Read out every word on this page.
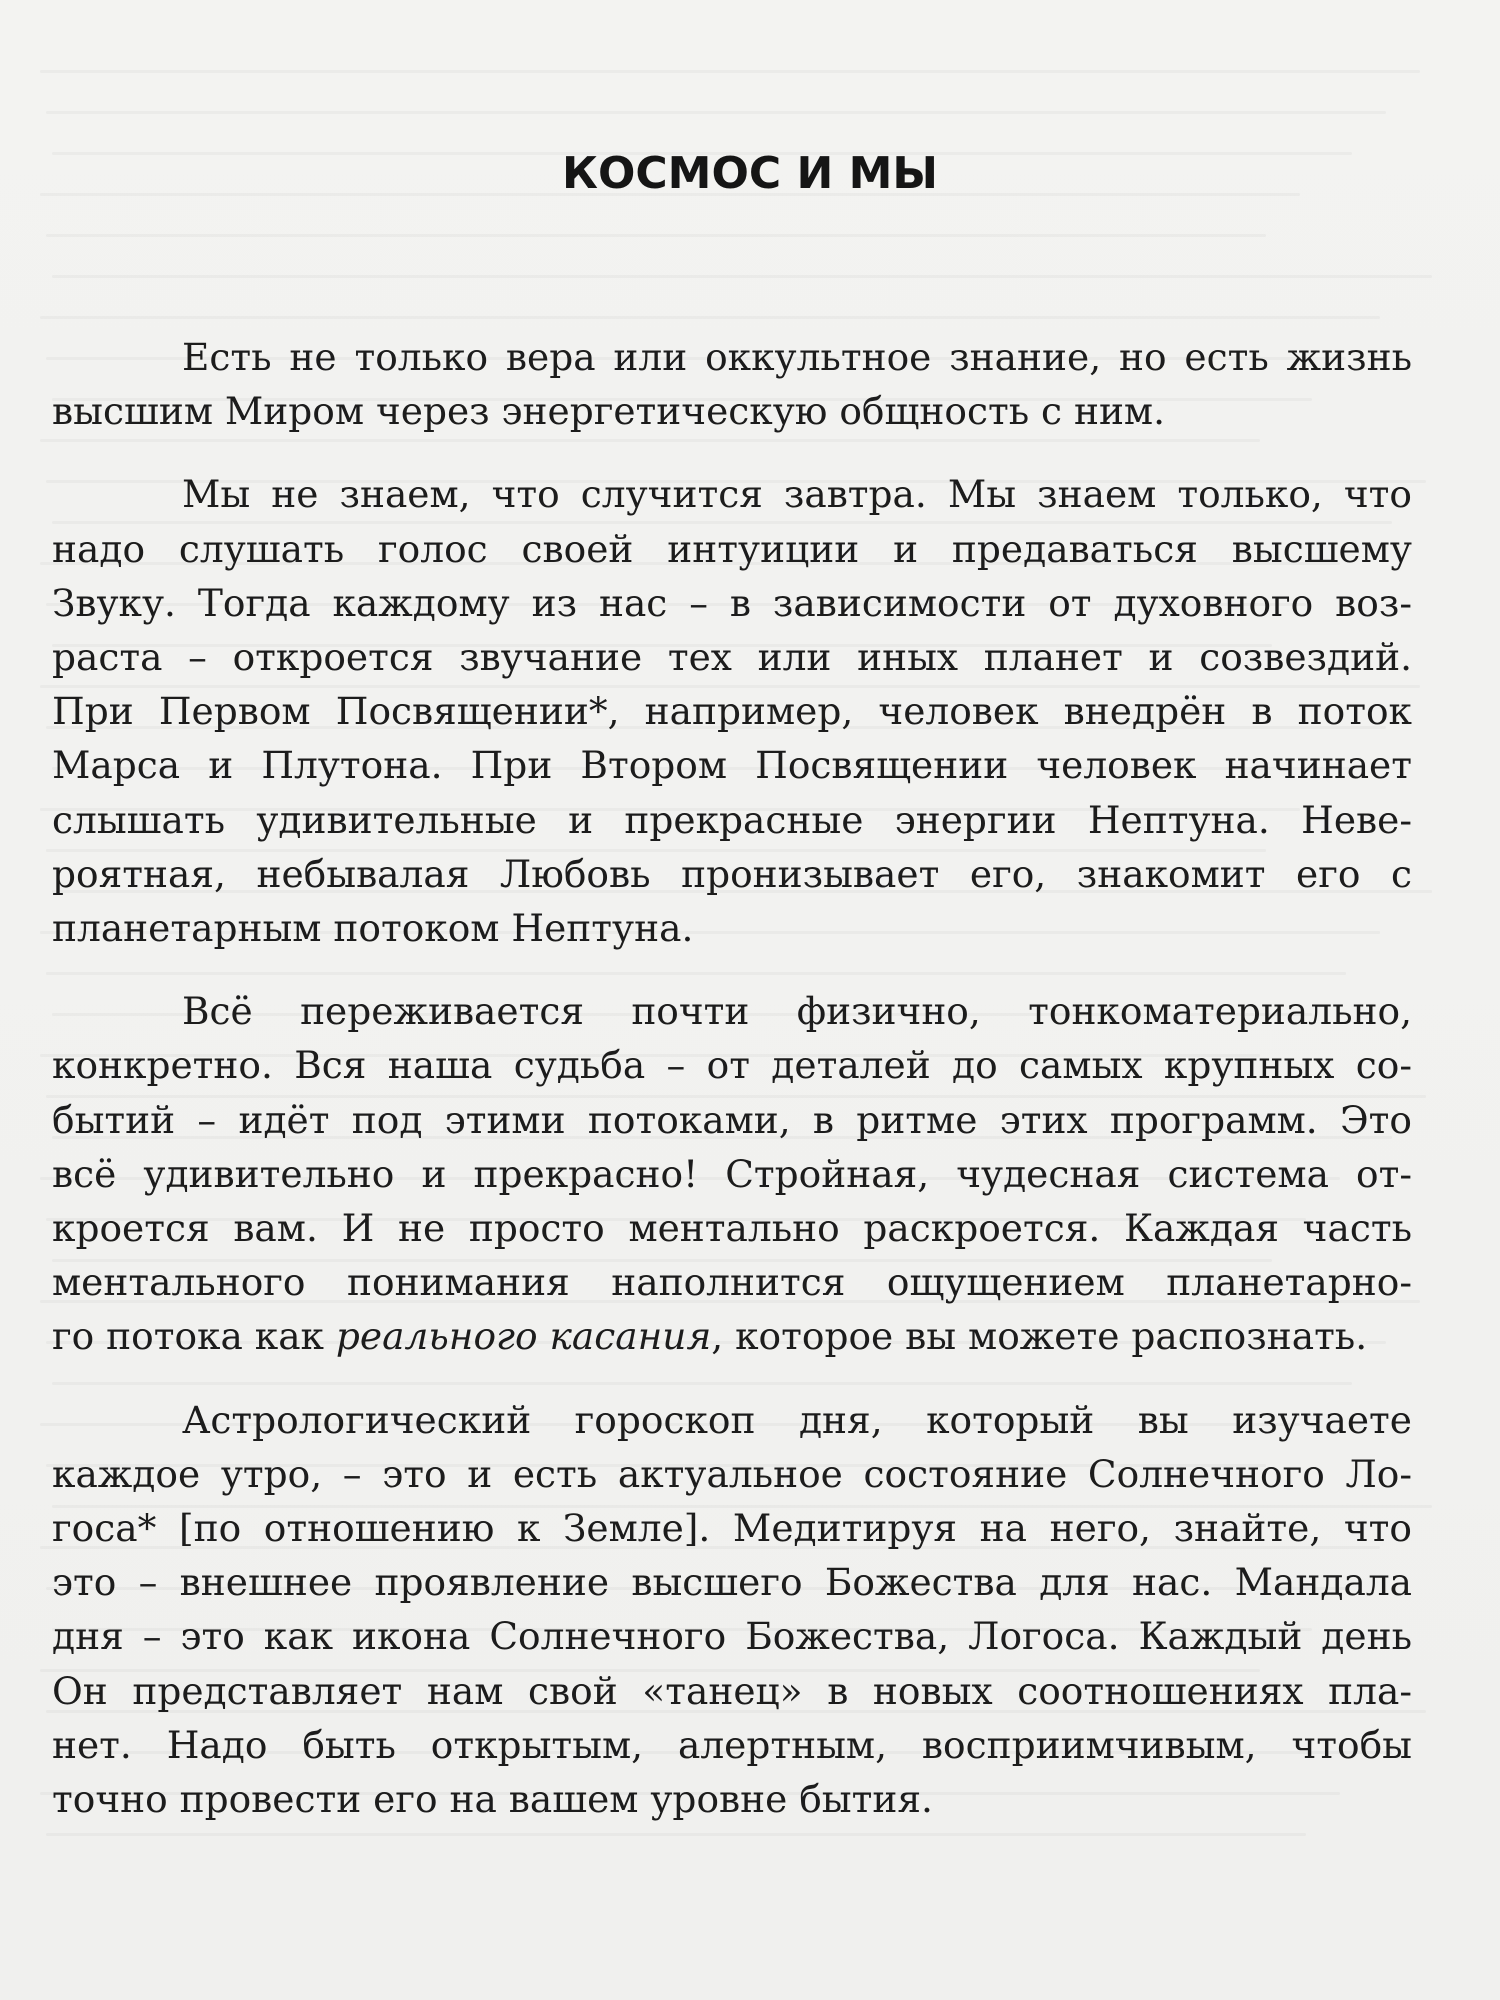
КОСМОС И МЫ
Есть не только вера или оккультное знание, но есть жизнь
высшим Миром через энергетическую общность с ним.
Мы не знаем, что случится завтра. Мы знаем только, что
надо слушать голос своей интуиции и предаваться высшему
Звуку. Тогда каждому из нас – в зависимости от духовного воз-
раста – откроется звучание тех или иных планет и созвездий.
При Первом Посвящении*, например, человек внедрён в поток
Марса и Плутона. При Втором Посвящении человек начинает
слышать удивительные и прекрасные энергии Нептуна. Неве-
роятная, небывалая Любовь пронизывает его, знакомит его с
планетарным потоком Нептуна.
Всё переживается почти физично, тонкоматериально,
конкретно. Вся наша судьба – от деталей до самых крупных со-
бытий – идёт под этими потоками, в ритме этих программ. Это
всё удивительно и прекрасно! Стройная, чудесная система от-
кроется вам. И не просто ментально раскроется. Каждая часть
ментального понимания наполнится ощущением планетарно-
го потока как реального касания, которое вы можете распознать.
Астрологический гороскоп дня, который вы изучаете
каждое утро, – это и есть актуальное состояние Солнечного Ло-
госа* [по отношению к Земле]. Медитируя на него, знайте, что
это – внешнее проявление высшего Божества для нас. Мандала
дня – это как икона Солнечного Божества, Логоса. Каждый день
Он представляет нам свой «танец» в новых соотношениях пла-
нет. Надо быть открытым, алертным, восприимчивым, чтобы
точно провести его на вашем уровне бытия.
